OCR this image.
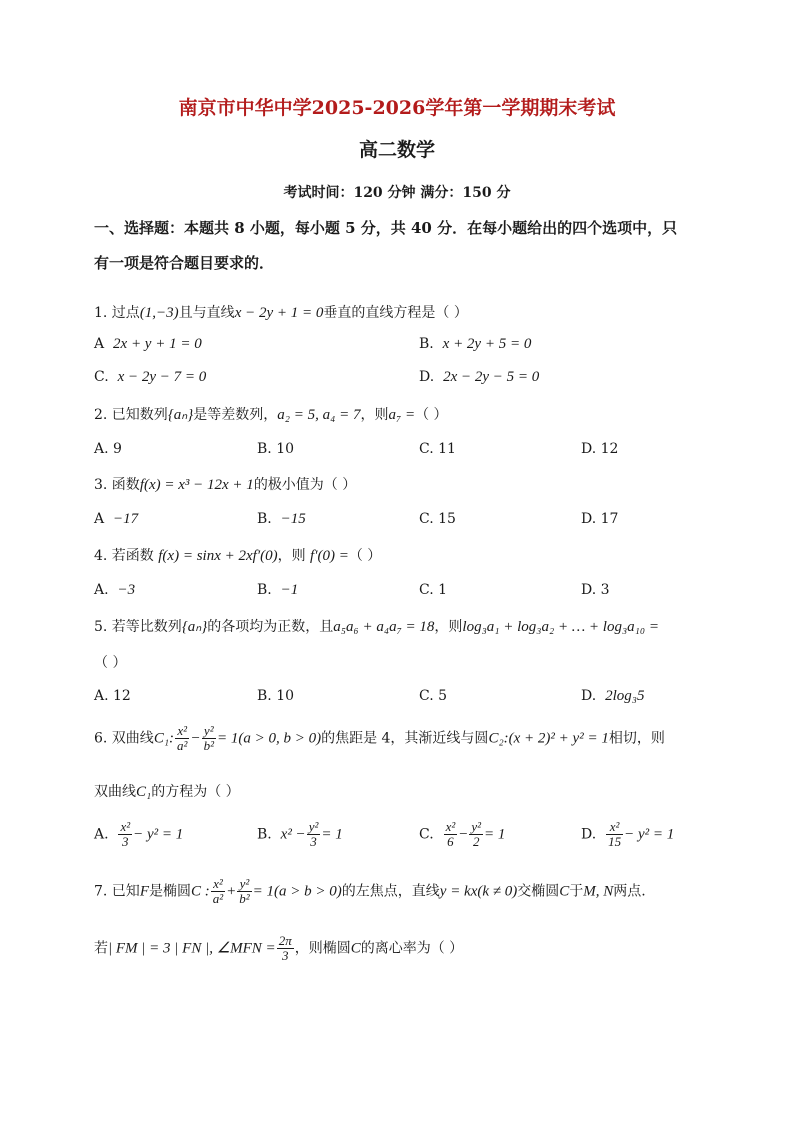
南京市中华中学2025-2026学年第一学期期末考试
高二数学
考试时间：120 分钟 满分：150 分
一、选择题：本题共 8 小题，每小题 5 分，共 40 分．在每小题给出的四个选项中，只
有一项是符合题目要求的．
1. 过点(1,−3)且与直线x − 2y + 1 = 0垂直的直线方程是（ ）
A 2x + y + 1 = 0	B. x + 2y + 5 = 0
C. x − 2y − 7 = 0	D. 2x − 2y − 5 = 0
2. 已知数列{aₙ}是等差数列，a₂ = 5, a₄ = 7，则a₇ =（ ）
A. 9	B. 10	C. 11	D. 12
3. 函数f(x) = x³ − 12x + 1的极小值为（ ）
A −17	B. −15	C. 15	D. 17
4. 若函数 f(x) = sinx + 2xf′(0)，则 f′(0) =（ ）
A. −3	B. −1	C. 1	D. 3
5. 若等比数列{aₙ}的各项均为正数，且a₅a₆ + a₄a₇ = 18，则log₃a₁ + log₃a₂ + … + log₃a₁₀ =
（ ）
A. 12	B. 10	C. 5	D. 2log₃5
6. 双曲线C₁: $\frac{\text{x²}}{\text{a²}} - \frac{\text{y²}}{\text{b²}} = 1(a > 0$, b > 0)的焦距是 4，其渐近线与圆C₂:(x + 2)² + y² = 1相切，则
双曲线C₁的方程为（ ）
A. $\frac{\text{x²}}{3} - y^2 = 1$	B. $x^2 - \frac{\text{y²}}{3} = 1$	C. $\frac{\text{x²}}{6} - \frac{\text{y²}}{2} = 1$	D. $\frac{\text{x²}}{15} - y^2 = 1$
7. 已知F是椭圆C : $\frac{\text{x²}}{\text{a²}} + \frac{\text{y²}}{\text{b²}} = 1(a > b > 0)$的左焦点，直线y = kx(k ≠ 0)交椭圆C于M, N两点.
若| FM | = 3 | FN |, ∠MFN = $\frac{2\pi}{3}$ ，则椭圆C的离心率为（ ）
